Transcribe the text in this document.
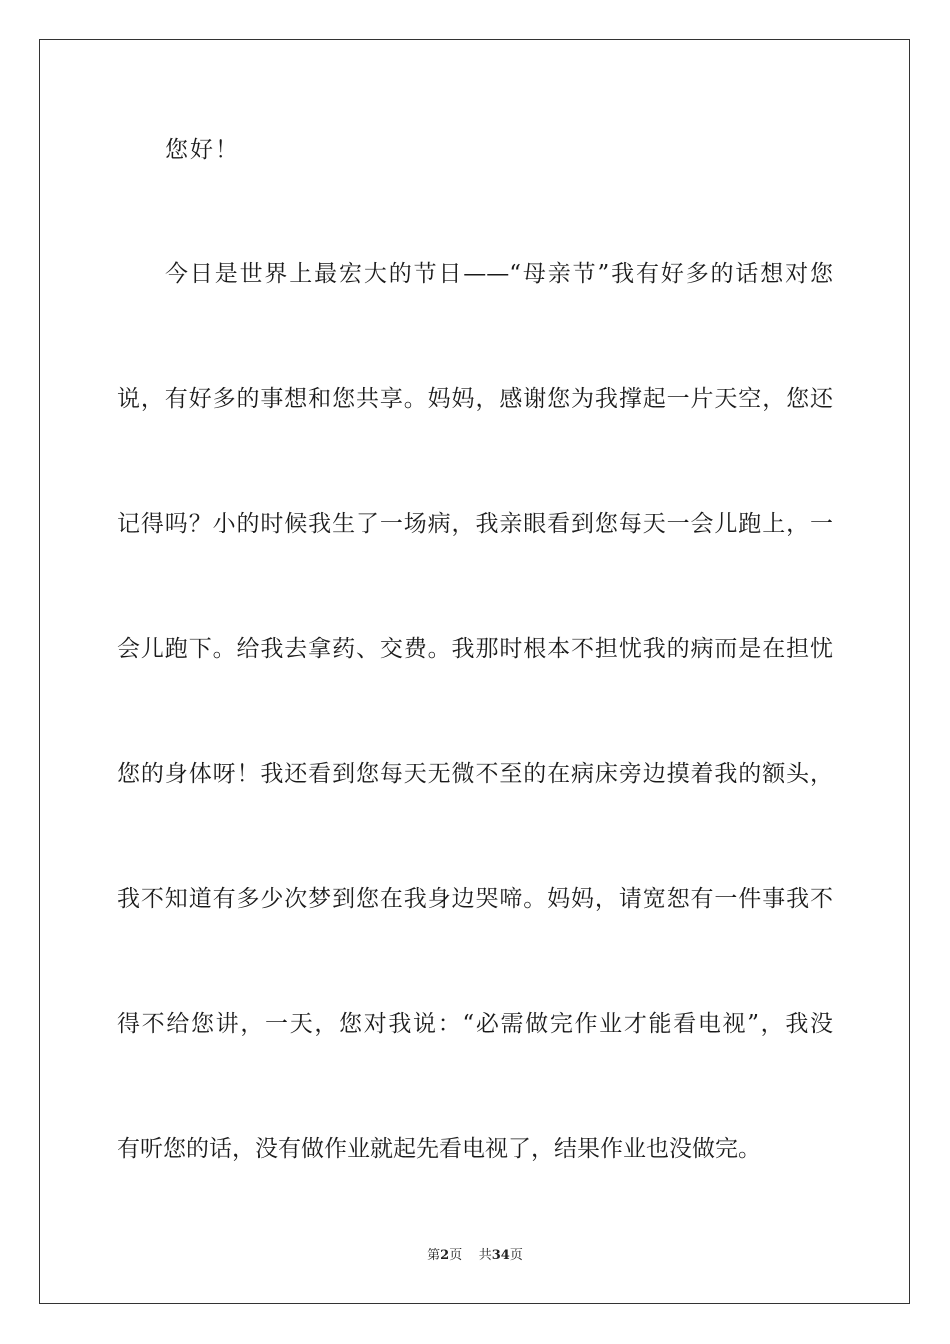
您好！
今日是世界上最宏大的节日——“母亲节”我有好多的话想对您
说，有好多的事想和您共享。妈妈，感谢您为我撑起一片天空，您还
记得吗？小的时候我生了一场病，我亲眼看到您每天一会儿跑上，一
会儿跑下。给我去拿药、交费。我那时根本不担忧我的病而是在担忧
您的身体呀！我还看到您每天无微不至的在病床旁边摸着我的额头，
我不知道有多少次梦到您在我身边哭啼。妈妈，请宽恕有一件事我不
得不给您讲，一天，您对我说：“必需做完作业才能看电视”，我没
有听您的话，没有做作业就起先看电视了，结果作业也没做完。
第2页 共34页
